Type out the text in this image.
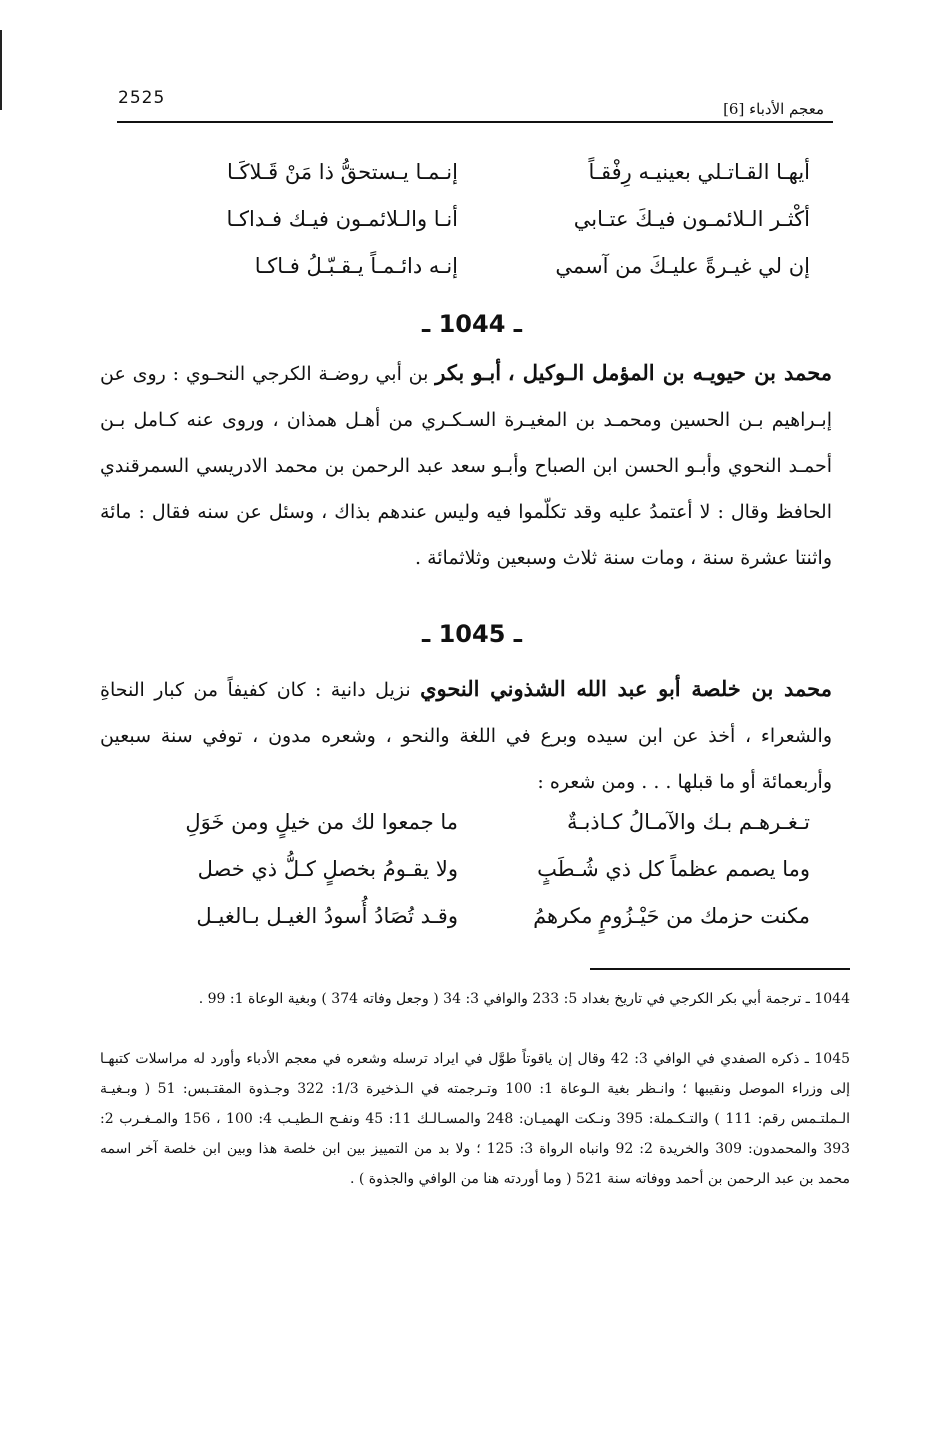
2525
معجم الأدباء [6]
أيهـا القـاتـلي بعينيـه رِفْقـاً
إنـمـا يـستحقُّ ذا مَنْ قَـلاكَـا
أكْثـر الـلائمـون فيـكَ عتـابي
أنـا والـلائمـون فيـك فـداكـا
إن لي غيـرةً عليـكَ من آسمي
إنـه دائـمـاً يـقـبّـلُ فـاكـا
ـ 1044 ـ
محمد بن حيويـه بن المؤمل الـوكيل ، أبـو بكر بن أبي روضـة الكرجي النحـوي : روى عن إبـراهيم بـن الحسين ومحمـد بن المغيـرة السـكـري من أهـل همذان ، وروى عنه كـامل بـن أحمـد النحوي وأبـو الحسن ابن الصباح وأبـو سعد عبد الرحمن بن محمد الادريسي السمرقندي الحافظ وقال : لا أعتمدُ عليه وقد تكلّموا فيه وليس عندهم بذاك ، وسئل عن سنه فقال : مائة واثنتا عشرة سنة ، ومات سنة ثلاث وسبعين وثلاثمائة .
ـ 1045 ـ
محمد بن خلصة أبو عبد الله الشذوني النحوي نزيل دانية : كان كفيفاً من كبار النحاةِ والشعراء ، أخذ عن ابن سيده وبرع في اللغة والنحو ، وشعره مدون ، توفي سنة سبعين وأربعمائة أو ما قبلها . . . ومن شعره :
تـغـرهـم بـك والآمـالُ كـاذبـةٌ
ما جمعوا لك من خيلٍ ومن خَوَلِ
وما يصمم عظماً كل ذي شُـطَبٍ
ولا يقـومُ بخصلٍ كـلُّ ذي خصل
مكنت حزمك من حَيْـزُومٍ مكرهمُ
وقـد تُصَادُ أُسودُ الغيـل بـالغيـل
1044 ـ ترجمة أبي بكر الكرجي في تاريخ بغداد 5: 233 والوافي 3: 34 ( وجعل وفاته 374 ) وبغية الوعاة 1: 99 .
1045 ـ ذكره الصفدي في الوافي 3: 42 وقال إن ياقوتاً طوَّل في ايراد ترسله وشعره في معجم الأدباء وأورد له مراسلات كتبهـا إلى وزراء الموصل ونقيبها ؛ وانـظر بغية الـوعاة 1: 100 وتـرجمته في الـذخيرة 1/3: 322 وجـذوة المقتـبس: 51 ( وبـغيـة الـملتـمس رقم: 111 ) والتـكـملة: 395 ونـكت الهميـان: 248 والمسـالـك 11: 45 ونفـح الـطيـب 4: 100 ، 156 والمـغـرب 2: 393 والمحمدون: 309 والخريدة 2: 92 وانباه الرواة 3: 125 ؛ ولا بد من التمييز بين ابن خلصة هذا وبين ابن خلصة آخر اسمه محمد بن عبد الرحمن بن أحمد ووفاته سنة 521 ( وما أوردته هنا من الوافي والجذوة ) .
